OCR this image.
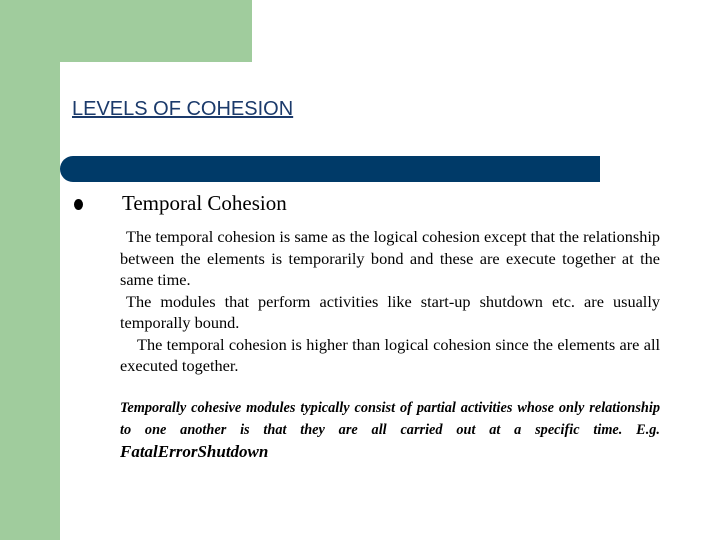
LEVELS OF COHESION
Temporal Cohesion

The temporal cohesion is same as the logical cohesion except that the relationship between the elements is temporarily bond and these are execute together at the same time.

The modules that perform activities like start-up shutdown etc. are usually temporally bound.

The temporal cohesion is higher than logical cohesion since the elements are all executed together.

Temporally cohesive modules typically consist of partial activities whose only relationship to one another is that they are all carried out at a specific time. E.g. FatalErrorShutdown
